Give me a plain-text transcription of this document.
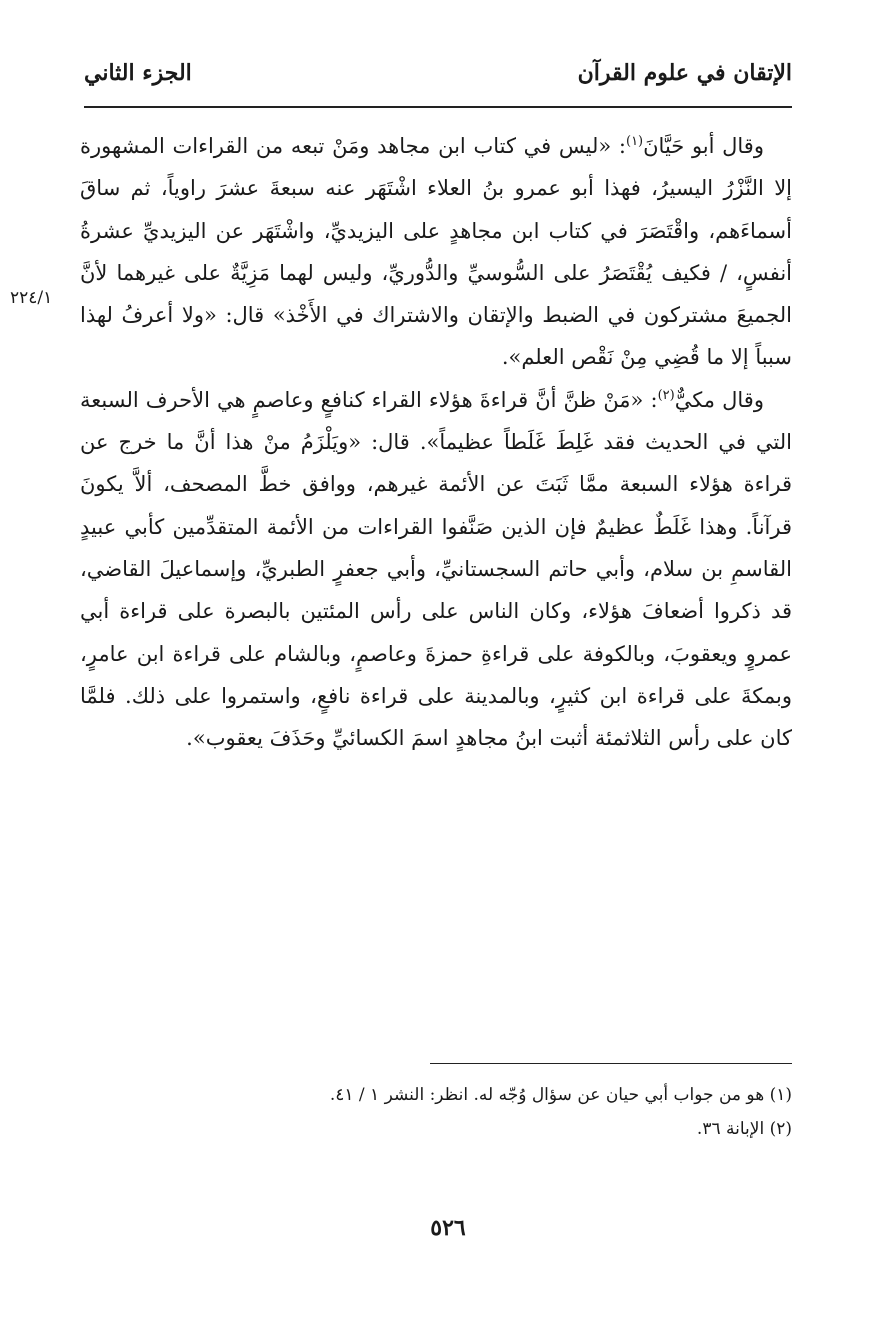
الإتقان في علوم القرآن
الجزء الثاني
٢٢٤/١

وقال أبو حَيَّانَ$^{(١)}$: «ليس في كتاب ابن مجاهد ومَنْ تبعه من القراءات المشهورة إلا النَّزْرُ اليسيرُ، فهذا أبو عمرو بنُ العلاء اشْتَهَر عنه سبعةَ عشرَ راوياً، ثم ساقَ أسماءَهم، واقْتَصَرَ في كتاب ابن مجاهدٍ على اليزيديِّ، واشْتَهَر عن اليزيديِّ عشرةُ أنفسٍ، / فكيف يُقْتَصَرُ على السُّوسيِّ والدُّوريِّ، وليس لهما مَزِيَّةٌ على غيرهما لأنَّ الجميعَ مشتركون في الضبط والإتقان والاشتراك في الأَخْذ» قال: «ولا أعرفُ لهذا سبباً إلا ما قُضِي مِنْ نَقْص العلم».

وقال مكيٌّ$^{(٢)}$: «مَنْ ظنَّ أنَّ قراءةَ هؤلاء القراء كنافعٍ وعاصمٍ هي الأحرف السبعة التي في الحديث فقد غَلِطَ غَلَطاً عظيماً». قال: «ويَلْزَمُ منْ هذا أنَّ ما خرج عن قراءة هؤلاء السبعة ممَّا ثَبَتَ عن الأئمة غيرهم، ووافق خطَّ المصحف، ألاَّ يكونَ قرآناً. وهذا غَلَطٌ عظيمٌ فإن الذين صَنَّفوا القراءات من الأئمة المتقدِّمين كأبي عبيدٍ القاسمِ بن سلام، وأبي حاتم السجستانيِّ، وأبي جعفرٍ الطبريِّ، وإسماعيلَ القاضي، قد ذكروا أضعافَ هؤلاء، وكان الناس على رأس المئتين بالبصرة على قراءة أبي عمروٍ ويعقوبَ، وبالكوفة على قراءةِ حمزةَ وعاصمٍ، وبالشام على قراءة ابن عامرٍ، وبمكةَ على قراءة ابن كثيرٍ، وبالمدينة على قراءة نافعٍ، واستمروا على ذلك. فلمَّا كان على رأس الثلاثمئة أثبت ابنُ مجاهدٍ اسمَ الكسائيِّ وحَذَفَ يعقوب».

(١) هو من جواب أبي حيان عن سؤال وُجّه له. انظر: النشر ١ / ٤١.

(٢) الإبانة ٣٦.

٥٢٦
